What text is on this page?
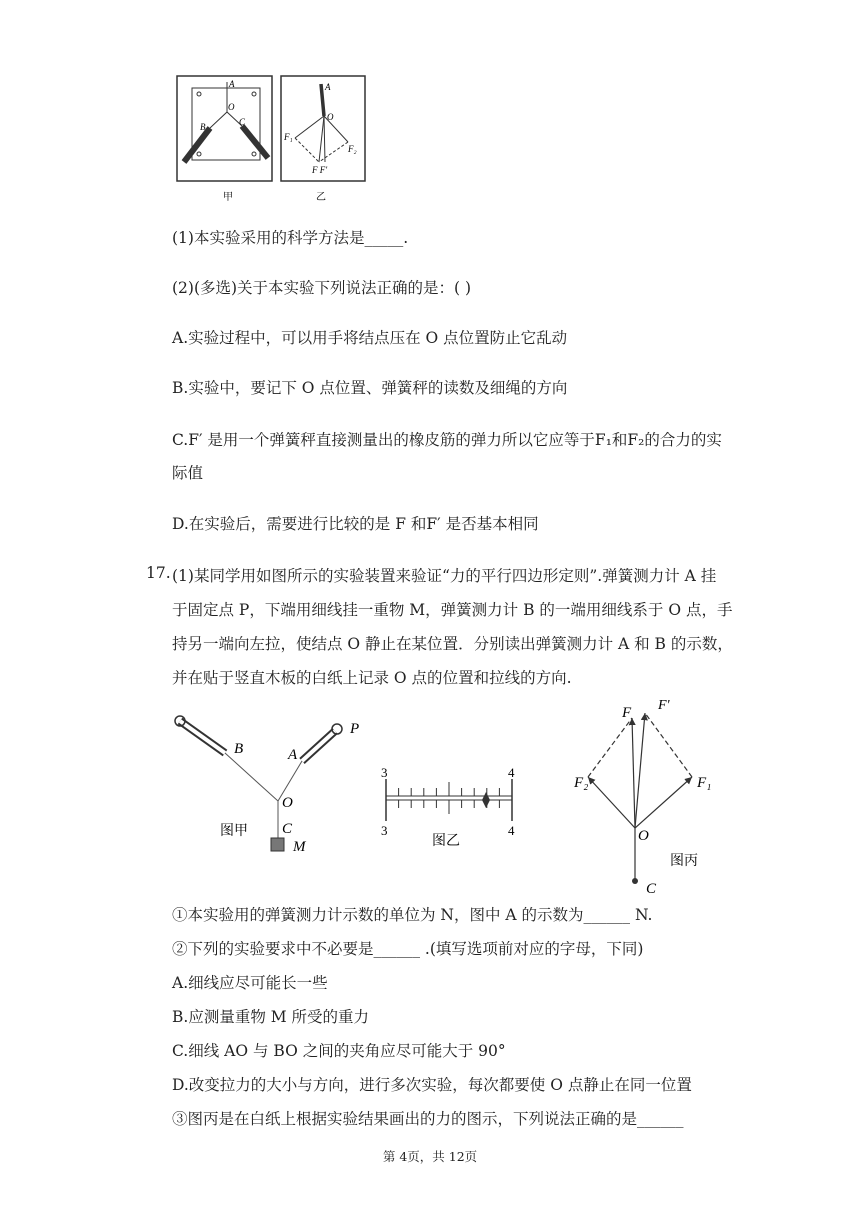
A
O
B	C
甲
A
O
F₁
F₂
F F'
乙
(1)本实验采用的科学方法是_____.
(2)(多选)关于本实验下列说法正确的是：( )
A.实验过程中，可以用手将结点压在 O 点位置防止它乱动
B.实验中，要记下 O 点位置、弹簧秤的读数及细绳的方向
C.F′ 是用一个弹簧秤直接测量出的橡皮筋的弹力所以它应等于F₁和F₂的合力的实
际值
D.在实验后，需要进行比较的是 F 和F′ 是否基本相同
17. (1)某同学用如图所示的实验装置来验证“力的平行四边形定则”.弹簧测力计 A 挂
于固定点 P，下端用细线挂一重物 M，弹簧测力计 B 的一端用细线系于 O 点，手
持另一端向左拉，使结点 O 静止在某位置．分别读出弹簧测力计 A 和 B 的示数，
并在贴于竖直木板的白纸上记录 O 点的位置和拉线的方向.
B	A
P
O
C
M
图甲
3	4
3	4
图乙
F F'
F₂	F₁
O
C
图丙
①本实验用的弹簧测力计示数的单位为 N，图中 A 的示数为______ N.
②下列的实验要求中不必要是______ .(填写选项前对应的字母，下同)
A.细线应尽可能长一些
B.应测量重物 M 所受的重力
C.细线 AO 与 BO 之间的夹角应尽可能大于 90°
D.改变拉力的大小与方向，进行多次实验，每次都要使 O 点静止在同一位置
③图丙是在白纸上根据实验结果画出的力的图示，下列说法正确的是______
第 4页，共 12页
